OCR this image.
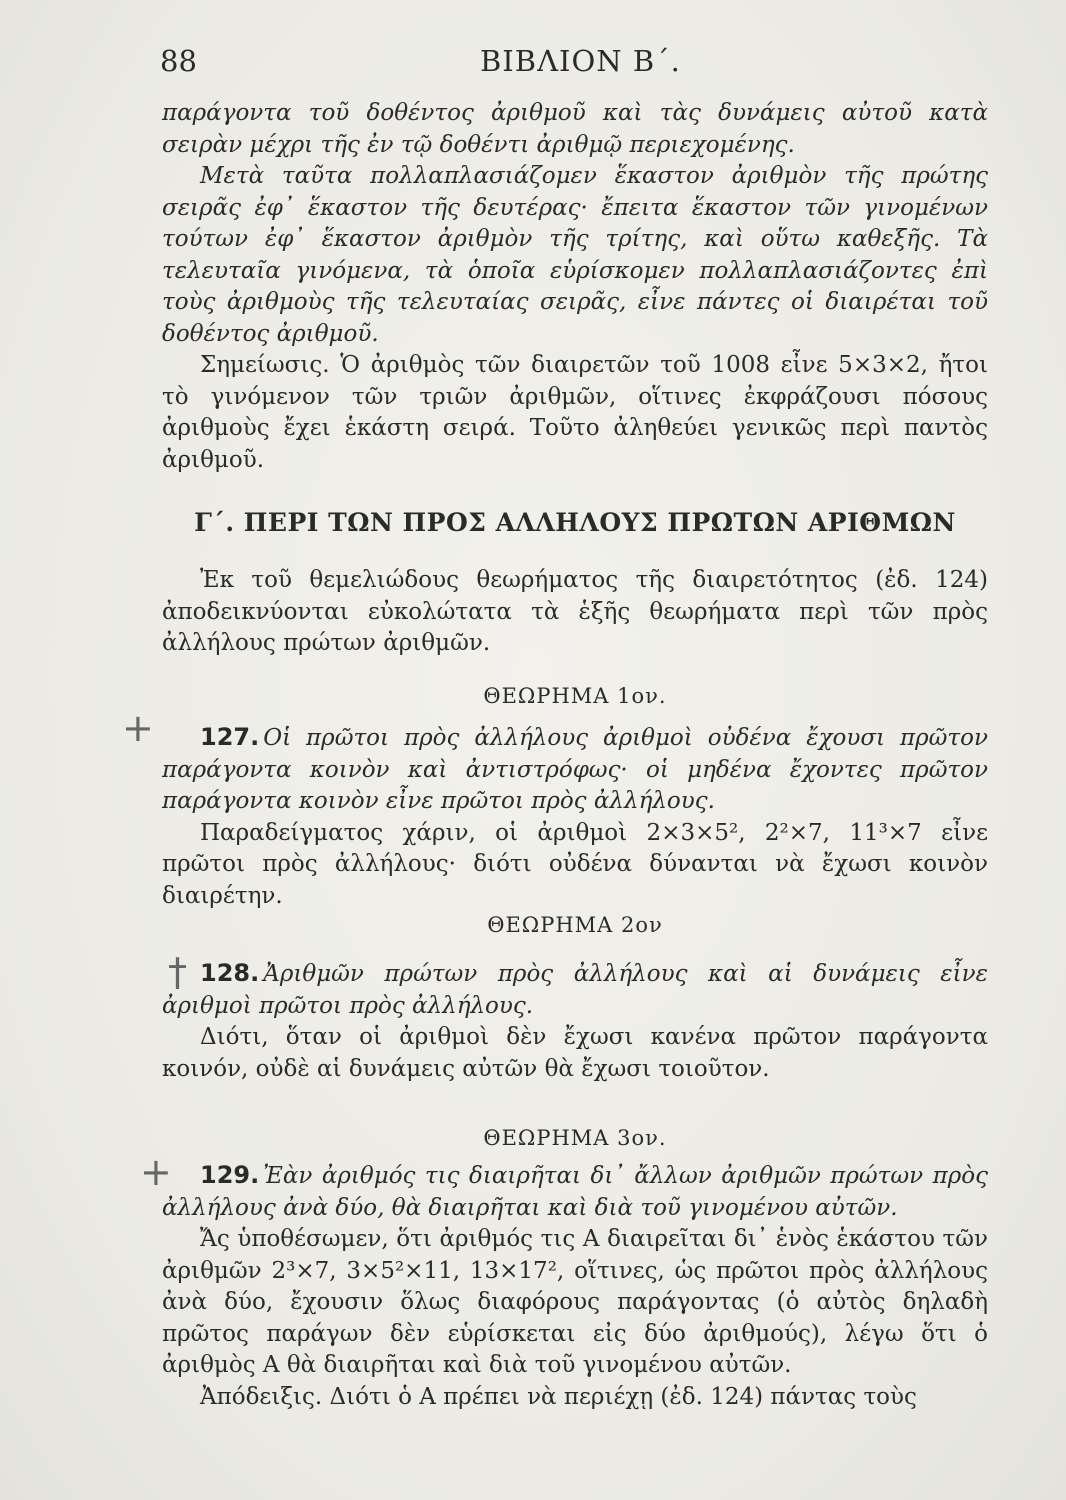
88	ΒΙΒΛΙΟΝ Β΄.

παράγοντα τοῦ δοθέντος ἀριθμοῦ καὶ τὰς δυνάμεις αὐτοῦ κατὰ σειρὰν μέχρι τῆς ἐν τῷ δοθέντι ἀριθμῷ περιεχομένης.

Μετὰ ταῦτα πολλαπλασιάζομεν ἕκαστον ἀριθμὸν τῆς πρώτης σειρᾶς ἐφ᾽ ἕκαστον τῆς δευτέρας· ἔπειτα ἕκαστον τῶν γινομένων τούτων ἐφ᾽ ἕκαστον ἀριθμὸν τῆς τρίτης, καὶ οὕτω καθεξῆς. Τὰ τελευταῖα γινόμενα, τὰ ὁποῖα εὑρίσκομεν πολλαπλασιάζοντες ἐπὶ τοὺς ἀριθμοὺς τῆς τελευταίας σειρᾶς, εἶνε πάντες οἱ διαιρέται τοῦ δοθέντος ἀριθμοῦ.

Σημείωσις. Ὁ ἀριθμὸς τῶν διαιρετῶν τοῦ 1008 εἶνε 5×3×2, ἤτοι τὸ γινόμενον τῶν τριῶν ἀριθμῶν, οἵτινες ἐκφράζουσι πόσους ἀριθμοὺς ἔχει ἑκάστη σειρά. Τοῦτο ἀληθεύει γενικῶς περὶ παντὸς ἀριθμοῦ.

Γ΄. ΠΕΡΙ ΤΩΝ ΠΡΟΣ ΑΛΛΗΛΟΥΣ ΠΡΩΤΩΝ ΑΡΙΘΜΩΝ

Ἐκ τοῦ θεμελιώδους θεωρήματος τῆς διαιρετότητος (ἐδ. 124) ἀποδεικνύονται εὐκολώτατα τὰ ἑξῆς θεωρήματα περὶ τῶν πρὸς ἀλλήλους πρώτων ἀριθμῶν.

ΘΕΩΡΗΜΑ 1ον.
+	127. Οἱ πρῶτοι πρὸς ἀλλήλους ἀριθμοὶ οὐδένα ἔχουσι πρῶτον παράγοντα κοινὸν καὶ ἀντιστρόφως· οἱ μηδένα ἔχοντες πρῶτον παράγοντα κοινὸν εἶνε πρῶτοι πρὸς ἀλλήλους.

Παραδείγματος χάριν, οἱ ἀριθμοὶ 2×3×5², 2²×7, 11³×7 εἶνε πρῶτοι πρὸς ἀλλήλους· διότι οὐδένα δύνανται νὰ ἔχωσι κοινὸν διαιρέτην.

ΘΕΩΡΗΜΑ 2ον
† 128. Ἀριθμῶν πρώτων πρὸς ἀλλήλους καὶ αἱ δυνάμεις εἶνε ἀριθμοὶ πρῶτοι πρὸς ἀλλήλους.

Διότι, ὅταν οἱ ἀριθμοὶ δὲν ἔχωσι κανένα πρῶτον παράγοντα κοινόν, οὐδὲ αἱ δυνάμεις αὐτῶν θὰ ἔχωσι τοιοῦτον.

ΘΕΩΡΗΜΑ 3ον.
+	129. Ἐὰν ἀριθμός τις διαιρῆται δι᾽ ἄλλων ἀριθμῶν πρώτων πρὸς ἀλλήλους ἀνὰ δύο, θὰ διαιρῆται καὶ διὰ τοῦ γινομένου αὐτῶν.

Ἄς ὑποθέσωμεν, ὅτι ἀριθμός τις Α διαιρεῖται δι᾽ ἑνὸς ἑκάστου τῶν ἀριθμῶν 2³×7, 3×5²×11, 13×17², οἵτινες, ὡς πρῶτοι πρὸς ἀλλήλους ἀνὰ δύο, ἔχουσιν ὅλως διαφόρους παράγοντας (ὁ αὐτὸς δηλαδὴ πρῶτος παράγων δὲν εὑρίσκεται εἰς δύο ἀριθμούς), λέγω ὅτι ὁ ἀριθμὸς Α θὰ διαιρῆται καὶ διὰ τοῦ γινομένου αὐτῶν.

Ἀπόδειξις. Διότι ὁ Α πρέπει νὰ περιέχῃ (ἐδ. 124) πάντας τοὺς
